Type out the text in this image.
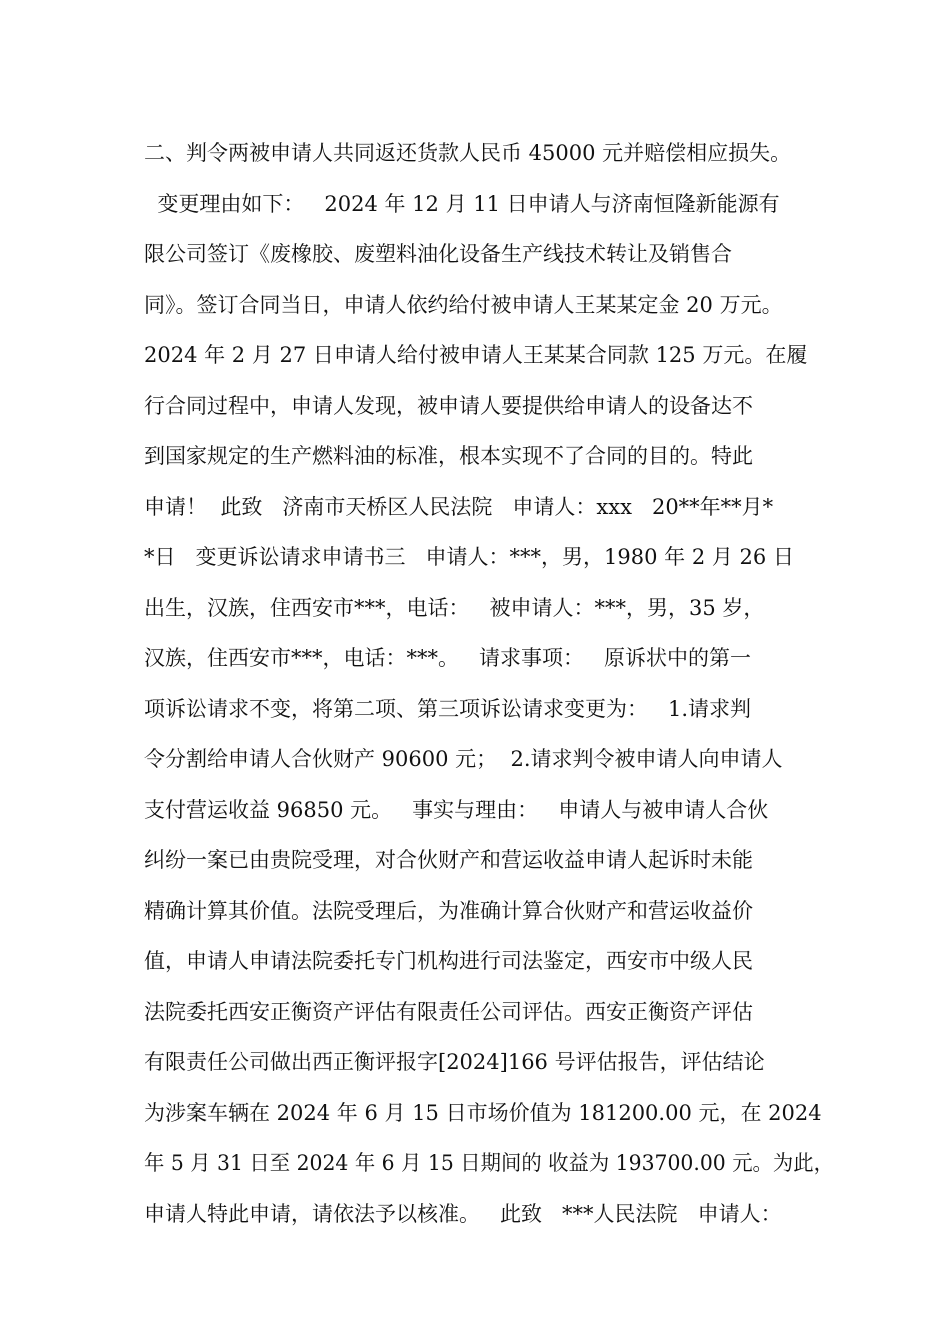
二、判令两被申请人共同返还货款人民币 45000 元并赔偿相应损失。
变更理由如下：   2024 年 12 月 11 日申请人与济南恒隆新能源有
限公司签订《废橡胶、废塑料油化设备生产线技术转让及销售合
同》。签订合同当日，申请人依约给付被申请人王某某定金 20 万元。
2024 年 2 月 27 日申请人给付被申请人王某某合同款 125 万元。在履
行合同过程中，申请人发现，被申请人要提供给申请人的设备达不
到国家规定的生产燃料油的标准，根本实现不了合同的目的。特此
申请！  此致   济南市天桥区人民法院   申请人：xxx   20**年**月*
*日   变更诉讼请求申请书三   申请人：***，男，1980 年 2 月 26 日
出生，汉族，住西安市***，电话：   被申请人：***，男，35 岁，
汉族，住西安市***，电话：***。   请求事项：   原诉状中的第一
项诉讼请求不变，将第二项、第三项诉讼请求变更为：   1.请求判
令分割给申请人合伙财产 90600 元；  2.请求判令被申请人向申请人
支付营运收益 96850 元。   事实与理由：   申请人与被申请人合伙
纠纷一案已由贵院受理，对合伙财产和营运收益申请人起诉时未能
精确计算其价值。法院受理后，为准确计算合伙财产和营运收益价
值，申请人申请法院委托专门机构进行司法鉴定，西安市中级人民
法院委托西安正衡资产评估有限责任公司评估。西安正衡资产评估
有限责任公司做出西正衡评报字[2024]166 号评估报告，评估结论
为涉案车辆在 2024 年 6 月 15 日市场价值为 181200.00 元，在 2024
年 5 月 31 日至 2024 年 6 月 15 日期间的 收益为 193700.00 元。为此，
申请人特此申请，请依法予以核准。   此致   ***人民法院   申请人：
